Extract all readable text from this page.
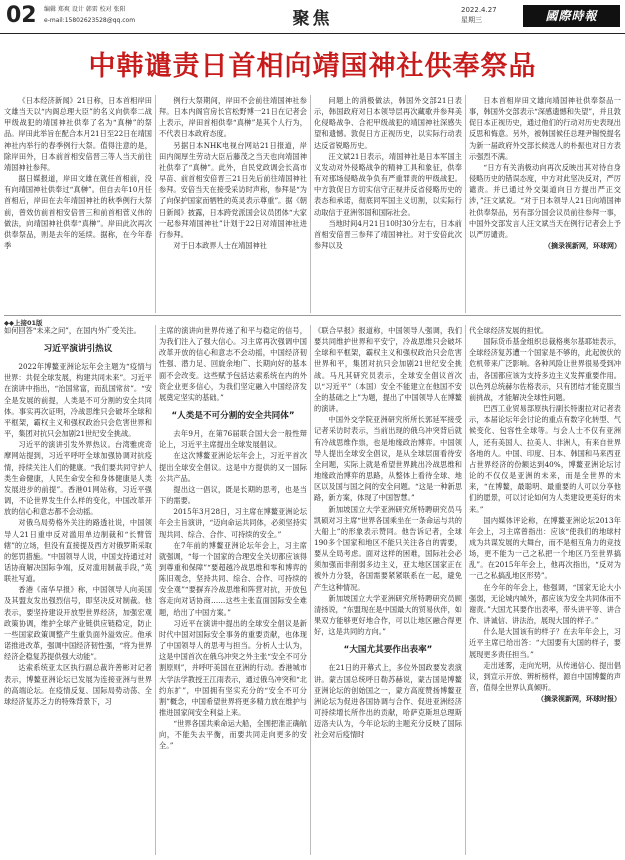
02 编辑 郑爽 设计 韩雷 校对 张阳
e-mail:15802623528@qq.com	聚焦	2022.4.27
星期三	國際時報
中韩谴责日首相向靖国神社供奉祭品

《日本经济新闻》21日称，日本首相岸田文雄当天以“内阁总理大臣”的名义向供奉二战甲级战犯的靖国神社供奉了名为“真榊”的祭品。岸田此举旨在配合本月21日至22日在靖国神社内举行的春季例行大祭。值得注意的是，除岸田外，日本前首相安倍晋三等人当天前往靖国神社参拜。

据日媒报道，岸田文雄在就任首相前，没有向靖国神社供奉过“真榊”。但自去年10月任首相后，岸田在去年靖国神社的秋季例行大祭前，曾效仿前首相安倍晋三和前首相菅义伟的做法，向靖国神社供奉“真榊”。岸田此次再次供奉祭品，则是去年的延续。据称，在今年春季

例行大祭期间，岸田不会前往靖国神社参拜。日本内阁官房长官松野博一21日在记者会上表示，岸田首相供奉“真榊”是其个人行为，不代表日本政府态度。

另据日本NHK电视台网站21日报道，岸田内阁厚生劳动大臣后藤茂之当天也向靖国神社供奉了“真榊”。此外，自民党政调会长高市早苗、前首相安倍晋三21日先后前往靖国神社参拜。安倍当天在接受采访时声称，参拜是“为了向保护国家而牺牲的英灵表示尊重”。据《朝日新闻》披露，日本跨党派国会议员团体“大家一起参拜靖国神社”计划于22日对靖国神社进行参拜。

对于日本政界人士在靖国神社

问题上的消极做法，韩国外交部21日表示，韩国政府对日本领导层再次藏歌并参拜美化侵略战争、合祀甲级战犯的靖国神社深感失望和遗憾。敦促日方正视历史，以实际行动表达反省锐略历史。

汪文斌21日表示，靖国神社是日本军国主义发动对外侵略战争的精神工具和象征，供奉有对那场侵略战争负有严重罪责的甲级战犯。中方敦促日方切实信守正视并反省侵略历史的表态和承诺，彻底同军国主义切割，以实际行动取信于亚洲邻国和国际社会。

当地时间4月21日10时30分左右，日本前首相安倍晋三参拜了靖国神社。对于安倍此次参拜以及

日本首相岸田文雄向靖国神社供奉祭品一事，韩国外交部表示“深感遗憾和失望”，并且敦促日本正视历史，通过他们的行动对历史表现出反思和悔意。另外，被韩国候任总理尹锡悦提名为新一届政府外交部长候选人的朴振也对日方表示强烈不满。

“日方有关消极动向再次反映出其对待自身侵略历史的错误态度，中方对此坚决反对，严厉谴责。并已通过外交渠道向日方提出严正交涉，”汪文斌说。“对于日本领导人21日向靖国神社供奉祭品，另有部分国会议员前往参拜一事，中国外交部发言人汪文斌当天在例行记者会上予以严厉谴责。

（摘录视新网，环球网）

◆◆上接01版

如何回答“未来之问”，在国内外广受关注。

习近平演讲引热议

2022年博鳌亚洲论坛年会主题为“疫情与世界：共促全球发展，构建共同未来”。习近平在演讲中指出，“治国常富，而乱国常贫”。“安全是发展的前提，人类是不可分割的安全共同体。事实再次证明，冷战思维只会破坏全球和平框架，霸权主义和强权政治只会危害世界和平，集团对抗只会加剧21世纪安全挑战。

习近平的演讲引发外界热议。台湾雅虎奇摩网站提到，习近平呼吁全球加强协调对抗疫情，持续关注人们的健康。“我们要共同守护人类生命健康，人民生命安全和身体健康是人类发展进步的前提”。香港01网站称，习近平强调，不论世界发生什么样的变化，中国改革开放的信心和意志都不会动摇。

对俄乌局势格外关注的路透社说，中国领导人21日重申反对滥用单边制裁和“长臂管辖”的立场，但没有直接提及西方对俄罗斯采取的惩罚措施。“中国领导人说，中国支持通过对话协商解决国际争端，反对滥用制裁手段，”英联社写道。

香港《南华早报》称，中国领导人向美国及其盟友发出强烈信号，即坚决反对制裁。他表示，要坚持建设开放型世界经济，加强宏观政策协调，维护全球产业链供应链稳定，防止一些国家政策调整产生重负面外溢效应。他承诺推进改革，强调中国经济韧性强，“将为世界经济企稳复苏提供强大动能”。

达索系统亚太区执行副总裁许善彬对记者表示，博鳌亚洲论坛已发展为连接亚洲与世界的高端论坛。在疫情反复、国际局势动荡、全球经济复苏乏力的特殊背景下，习

主席的演讲向世界传递了和平与稳定的信号，为我们注入了强大信心。习主席再次强调中国改革开放的信心和意志不会动摇，中国经济韧性强、潜力足、回旋余地广、长期向好的基本面不会改变。这些赋予包括达索系统在内的外资企业更多信心，为我们坚定融入中国经济发展奠定坚实的基础。”

“人类是不可分割的安全共同体”

去年9月，在第76届联合国大会一般性辩论上，习近平主席提出全球发展倡议。

在这次博鳌亚洲论坛年会上，习近平首次提出全球安全倡议。这是中方提供的又一国际公共产品。

提出这一倡议，既是长期的思考，也是当下的需要。

2015年3月28日，习主席在博鳌亚洲论坛年会主旨演讲，“迈向命运共同体，必须坚持实现共同、综合、合作、可持续的安全。”

在7年前的博鳌亚洲论坛年会上，习主席就强调，“每一个国家的合理安全关切都应该得到尊重和保障”“要超越冷战思维和零和博弈的陈旧观念，坚持共同、综合、合作、可持续的安全观”“要摒弃冷战思维和阵营对抗，开放包容走向对话协商……这些主张直面国际安全难题，给出了中国方案。”

习近平在演讲中提出的全球安全倡议是新时代中国对国际安全事务的重要贡献，也体现了中国领导人的思考与担当。分析人士认为，这是中国首次在俄乌冲突之外主张“安全不可分割原则”，并呼吁美国在亚洲的行动。香港城市大学法学教授王江雨表示，通过俄乌冲突和“北约东扩”，中国拥有坚实充分的“安全不可分割”概念，中国希望世界将更多精力放在维护与推进国家间安全利益上来。

“世界各国共乘命运大船，全围把准正确航向，不能失去平衡，而要共同走向更多的安全。”

《联合早报》报道称，中国领导人强调，我们要共同维护世界和平安宁，冷战思维只会破坏全球和平框架，霸权主义和强权政治只会危害世界和平，集团对抗只会加剧21世纪安全挑战。马凡其研究员表示，全球安全倡议首次以“习近平”（本国）安全不能建立在他国不安全的基础之上”为题，提出了中国领导人在博鳌的演讲。

中国外交学院亚洲研究所所长郭延军接受记者采访时表示，当前出现的俄乌冲突背后就有冷战思维作祟，也是地缘政治博弈。中国领导人提出全球安全倡议，是从全球层面看待安全问题，实际上就是希望世界跳出冷战思维和地缘政治博弈的思路，从整体上看待全球、地区以及国与国之间的安全问题。“这是一种新思路，新方案，体现了中国智慧。”

新加坡国立大学亚洲研究所特聘研究员马凯硕对习主席“世界各国乘坐在一条命运与共的大船上”的形象表示赞同。他告诉记者，全球190多个国家和地区不能只关注各自的需要，要从全局考虑。面对这样的困难，国际社会必须加强而非削弱多边主义，亚太地区国家正在被外力分裂，各国需要紧紧联系在一起，避免产生这种情况。

新加坡国立大学亚洲研究所特聘研究员顾清扬说，“东盟现在是中国最大的贸易伙伴，如果双方能够更好地合作，可以让地区融合得更好，这是共同的方向。”

“大国尤其要作出表率”

在21日的开幕式上，多位外国政要发表演讲。蒙古国总统呼日勒苏赫说，蒙古国是博鳌亚洲论坛的创始国之一，蒙方高度赞扬博鳌亚洲论坛为促进各国协调与合作、促进亚洲经济可持续增长所作出的贡献，哈萨克斯坦总理斯迈洛夫认为，今年论坛的主题充分反映了国际社会对后疫情时

代全球经济发展的担忧。

国际货币基金组织总裁格奥尔基耶娃表示，全球经济复苏遭一个国家是不够的，此起彼伏的危机带来广泛影响。各种风险让世界很易受到冲击，各国都应该为支持多边主义发挥重要作用。以色列总统赫尔佐格表示，只有团结才能克服当前挑战，才能解决全球性问题。

巴西工业贸易部原执行副长特谢拉对记者表示，本届论坛年会讨论的重点有数字化转型、气候变化、包容性全球等。与会人士不仅有亚洲人，还有美国人、拉美人、非洲人，有来自世界各地的人。中国、印度、日本、韩国和马来西亚占世界经济的份额达到40%，博鳌亚洲论坛讨论的不仅仅是亚洲的未来，而是全世界的未来，“在博鳌，最聪明、最重要的人可以分享他们的愿景，可以讨论如何为人类建设更美好的未来。”

国内媒体评论称，在博鳌亚洲论坛2013年年会上，习主席曾指出：应该“使我们的地球村成为共谋发展的大舞台，而不是相互角力的竞技场，更不能为一己之私把一个地区乃至世界搞乱”。在2015年年会上，他再次指出，“反对为一己之私搞乱地区形势”。

在今年的年会上，他强调，“国家无论大小强弱，无论城内城外，都应该为安全共同体而不谢责。”大国尤其要作出表率，带头讲平等、讲合作、讲诚信、讲法治，展现大国的样子。”

什么是大国该有的样子？在去年年会上，习近平主席已给出答：“大国要有大国的样子，要展现更多责任担当。”

走出迷雾，走向光明，从传递信心、提出倡议，到宣示开放、辨析榜样，源自中国博鳌的声音，值得全世界认真倾听。

（摘录视新网，环球时报）
